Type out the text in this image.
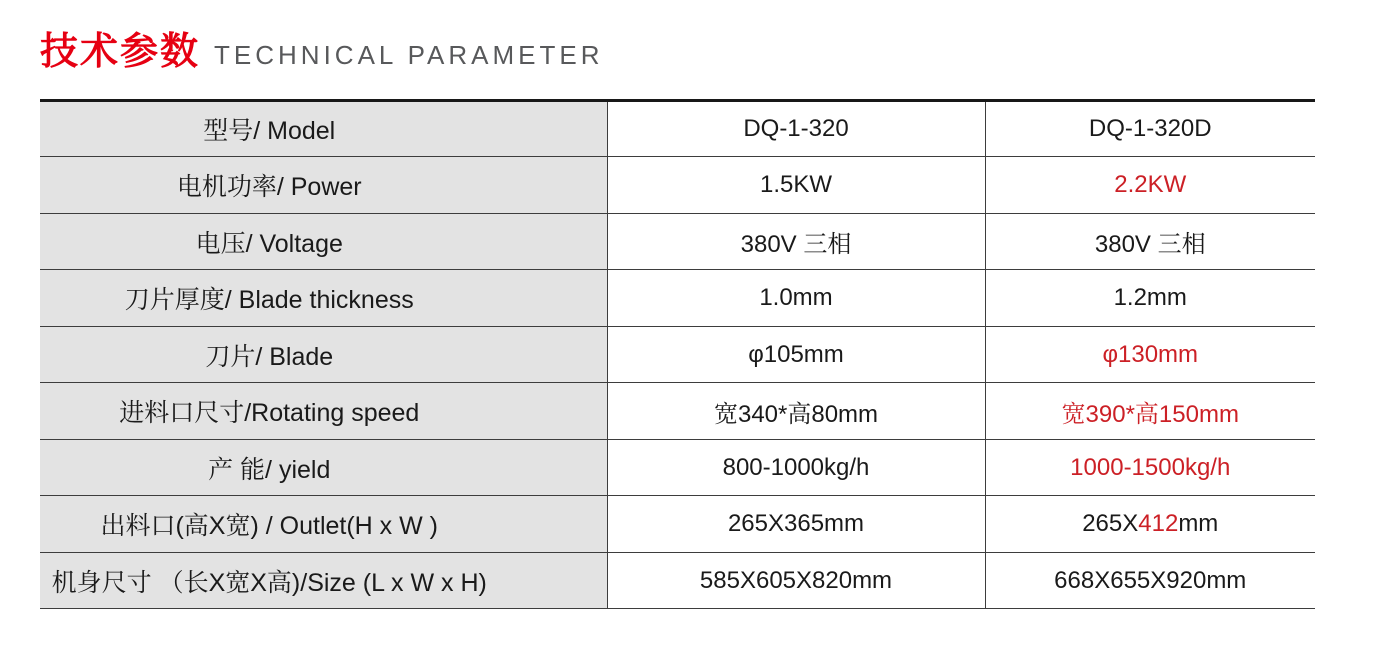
技术参数 TECHNICAL PARAMETER
型号/ Model	DQ-1-320	DQ-1-320D
电机功率/ Power	1.5KW	2.2KW
电压/ Voltage	380V 三相	380V 三相
刀片厚度/ Blade thickness	1.0mm	1.2mm
刀片/ Blade	φ105mm	φ130mm
进料口尺寸/Rotating speed	宽340*高80mm	宽390*高150mm
产 能/ yield	800-1000kg/h	1000-1500kg/h
出料口(高X宽) / Outlet(H x W )	265X365mm	265X412mm
机身尺寸 （长X宽X高)/Size (L x W x H)	585X605X820mm	668X655X920mm
